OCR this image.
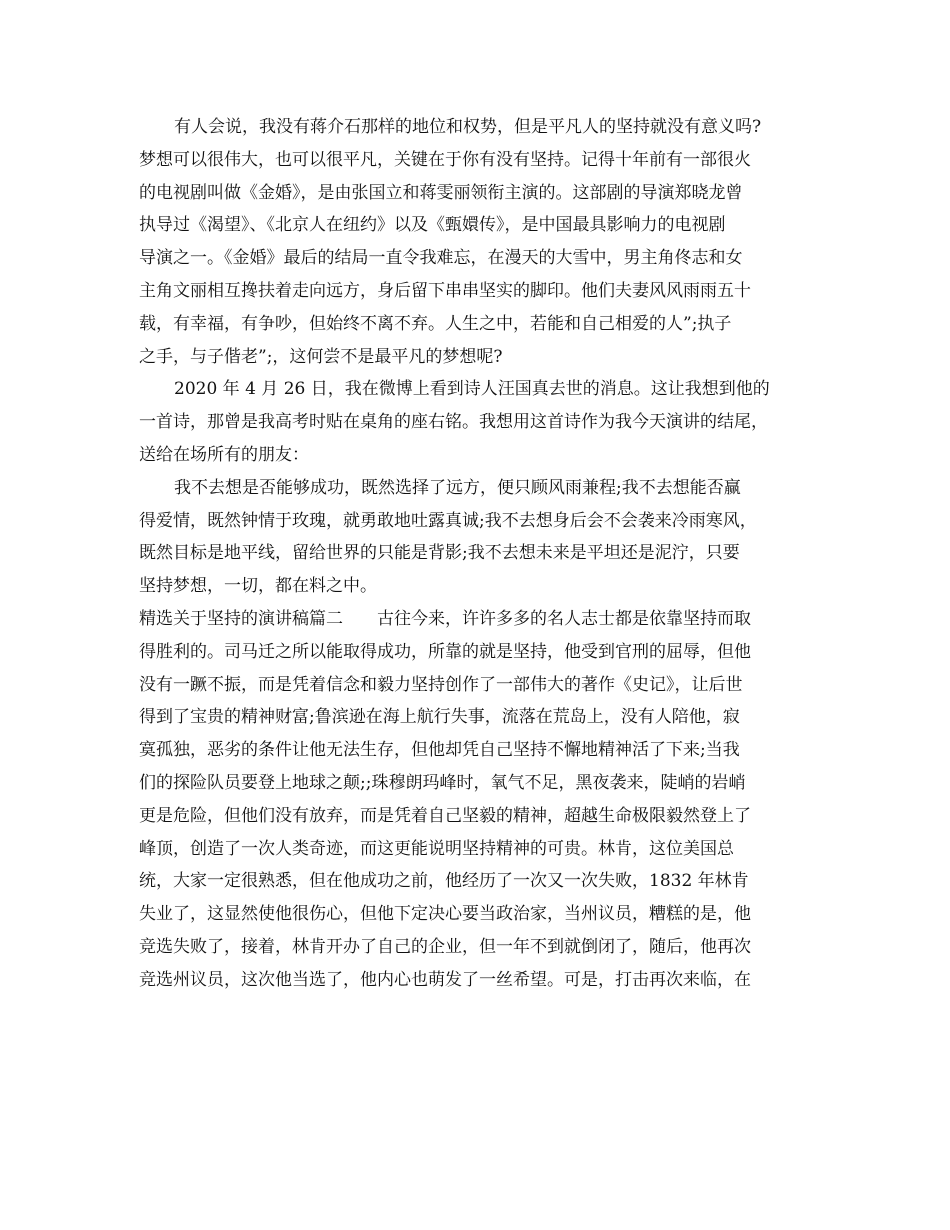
有人会说，我没有蒋介石那样的地位和权势，但是平凡人的坚持就没有意义吗?
梦想可以很伟大，也可以很平凡，关键在于你有没有坚持。记得十年前有一部很火
的电视剧叫做《金婚》，是由张国立和蒋雯丽领衔主演的。这部剧的导演郑晓龙曾
执导过《渴望》、《北京人在纽约》以及《甄嬛传》，是中国最具影响力的电视剧
导演之一。《金婚》最后的结局一直令我难忘，在漫天的大雪中，男主角佟志和女
主角文丽相互搀扶着走向远方，身后留下串串坚实的脚印。他们夫妻风风雨雨五十
载，有幸福，有争吵，但始终不离不弃。人生之中，若能和自己相爱的人”;执子
之手，与子偕老”;，这何尝不是最平凡的梦想呢?
2020 年 4 月 26 日，我在微博上看到诗人汪国真去世的消息。这让我想到他的
一首诗，那曾是我高考时贴在桌角的座右铭。我想用这首诗作为我今天演讲的结尾，
送给在场所有的朋友：
我不去想是否能够成功，既然选择了远方，便只顾风雨兼程;我不去想能否赢
得爱情，既然钟情于玫瑰，就勇敢地吐露真诚;我不去想身后会不会袭来冷雨寒风，
既然目标是地平线，留给世界的只能是背影;我不去想未来是平坦还是泥泞，只要
坚持梦想，一切，都在料之中。
精选关于坚持的演讲稿篇二 古往今来，许许多多的名人志士都是依靠坚持而取
得胜利的。司马迁之所以能取得成功，所靠的就是坚持，他受到官刑的屈辱，但他
没有一蹶不振，而是凭着信念和毅力坚持创作了一部伟大的著作《史记》，让后世
得到了宝贵的精神财富;鲁滨逊在海上航行失事，流落在荒岛上，没有人陪他，寂
寞孤独，恶劣的条件让他无法生存，但他却凭自己坚持不懈地精神活了下来;当我
们的探险队员要登上地球之颠;;珠穆朗玛峰时，氧气不足，黑夜袭来，陡峭的岩峭
更是危险，但他们没有放弃，而是凭着自己坚毅的精神，超越生命极限毅然登上了
峰顶，创造了一次人类奇迹，而这更能说明坚持精神的可贵。林肯，这位美国总
统，大家一定很熟悉，但在他成功之前，他经历了一次又一次失败，1832 年林肯
失业了，这显然使他很伤心，但他下定决心要当政治家，当州议员，糟糕的是，他
竞选失败了，接着，林肯开办了自己的企业，但一年不到就倒闭了，随后，他再次
竞选州议员，这次他当选了，他内心也萌发了一丝希望。可是，打击再次来临，在
